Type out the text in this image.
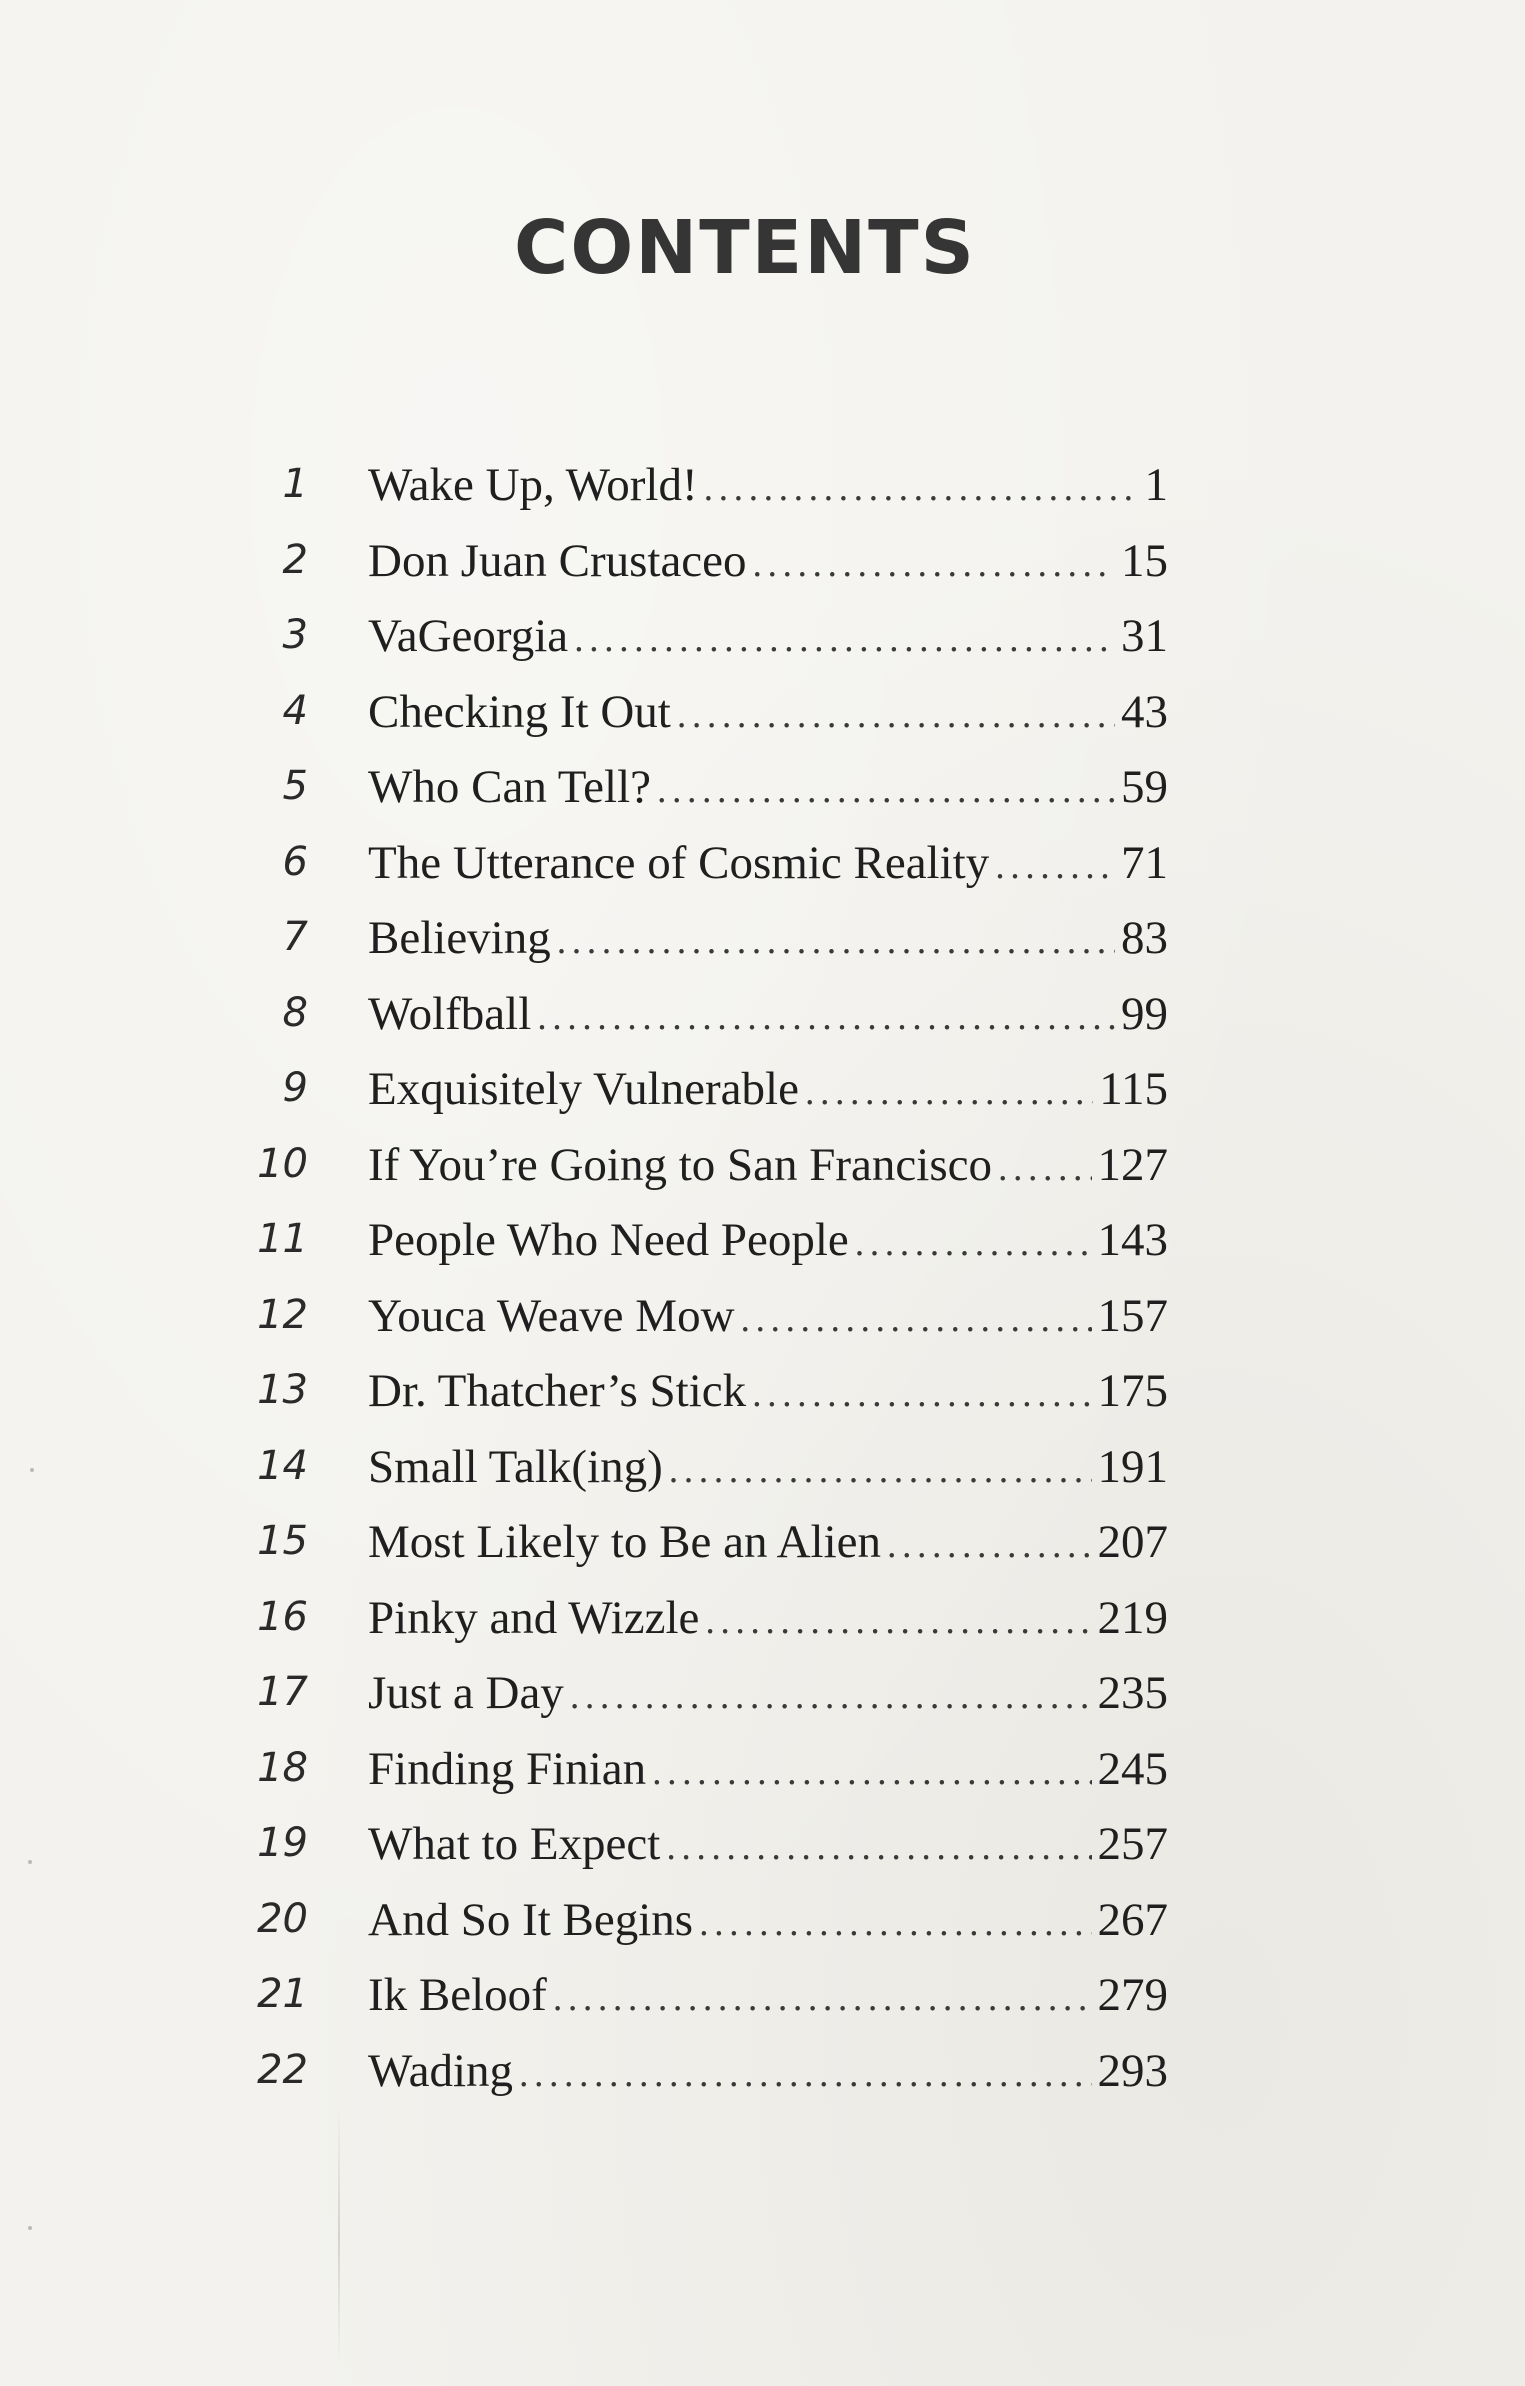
CONTENTS
1 Wake Up, World! . . .	1
2 Don Juan Crustaceo . . .	15
3 VaGeorgia . . .	31
4 Checking It Out . . .	43
5 Who Can Tell? . . .	59
6 The Utterance of Cosmic Reality . . .	71
7 Believing . . .	83
8 Wolfball . . .	99
9 Exquisitely Vulnerable . . .	115
10 If You’re Going to San Francisco . . . 127
11 People Who Need People . . .	143
12 Youca Weave Mow . . .	157
13 Dr. Thatcher’s Stick . . .	175
14 Small Talk(ing) . . .	191
15 Most Likely to Be an Alien . . .	207
16 Pinky and Wizzle . . .	219
17 Just a Day . . .	235
18 Finding Finian . . .	245
19 What to Expect . . .	257
20 And So It Begins . . .	267
21 Ik Beloof . . .	279
22 Wading . . .	293
